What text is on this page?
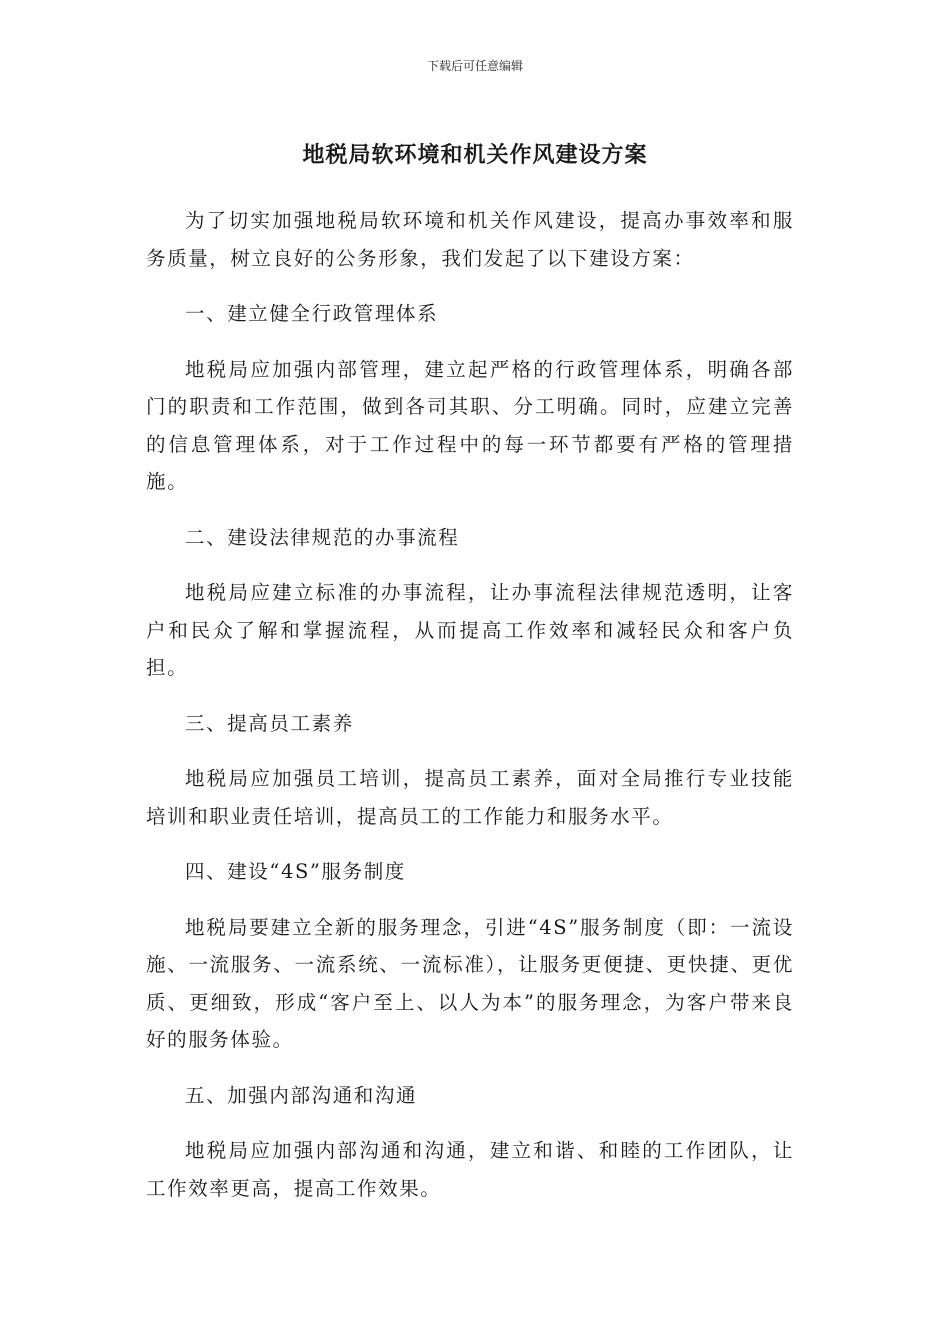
下载后可任意编辑
地税局软环境和机关作风建设方案

为了切实加强地税局软环境和机关作风建设，提高办事效率和服务质量，树立良好的公务形象，我们发起了以下建设方案：

一、建立健全行政管理体系

地税局应加强内部管理，建立起严格的行政管理体系，明确各部门的职责和工作范围，做到各司其职、分工明确。同时，应建立完善的信息管理体系，对于工作过程中的每一环节都要有严格的管理措施。

二、建设法律规范的办事流程

地税局应建立标准的办事流程，让办事流程法律规范透明，让客户和民众了解和掌握流程，从而提高工作效率和减轻民众和客户负担。

三、提高员工素养

地税局应加强员工培训，提高员工素养，面对全局推行专业技能培训和职业责任培训，提高员工的工作能力和服务水平。

四、建设“4S”服务制度

地税局要建立全新的服务理念，引进“4S”服务制度（即：一流设施、一流服务、一流系统、一流标准），让服务更便捷、更快捷、更优质、更细致，形成“客户至上、以人为本”的服务理念，为客户带来良好的服务体验。

五、加强内部沟通和沟通

地税局应加强内部沟通和沟通，建立和谐、和睦的工作团队，让工作效率更高，提高工作效果。
